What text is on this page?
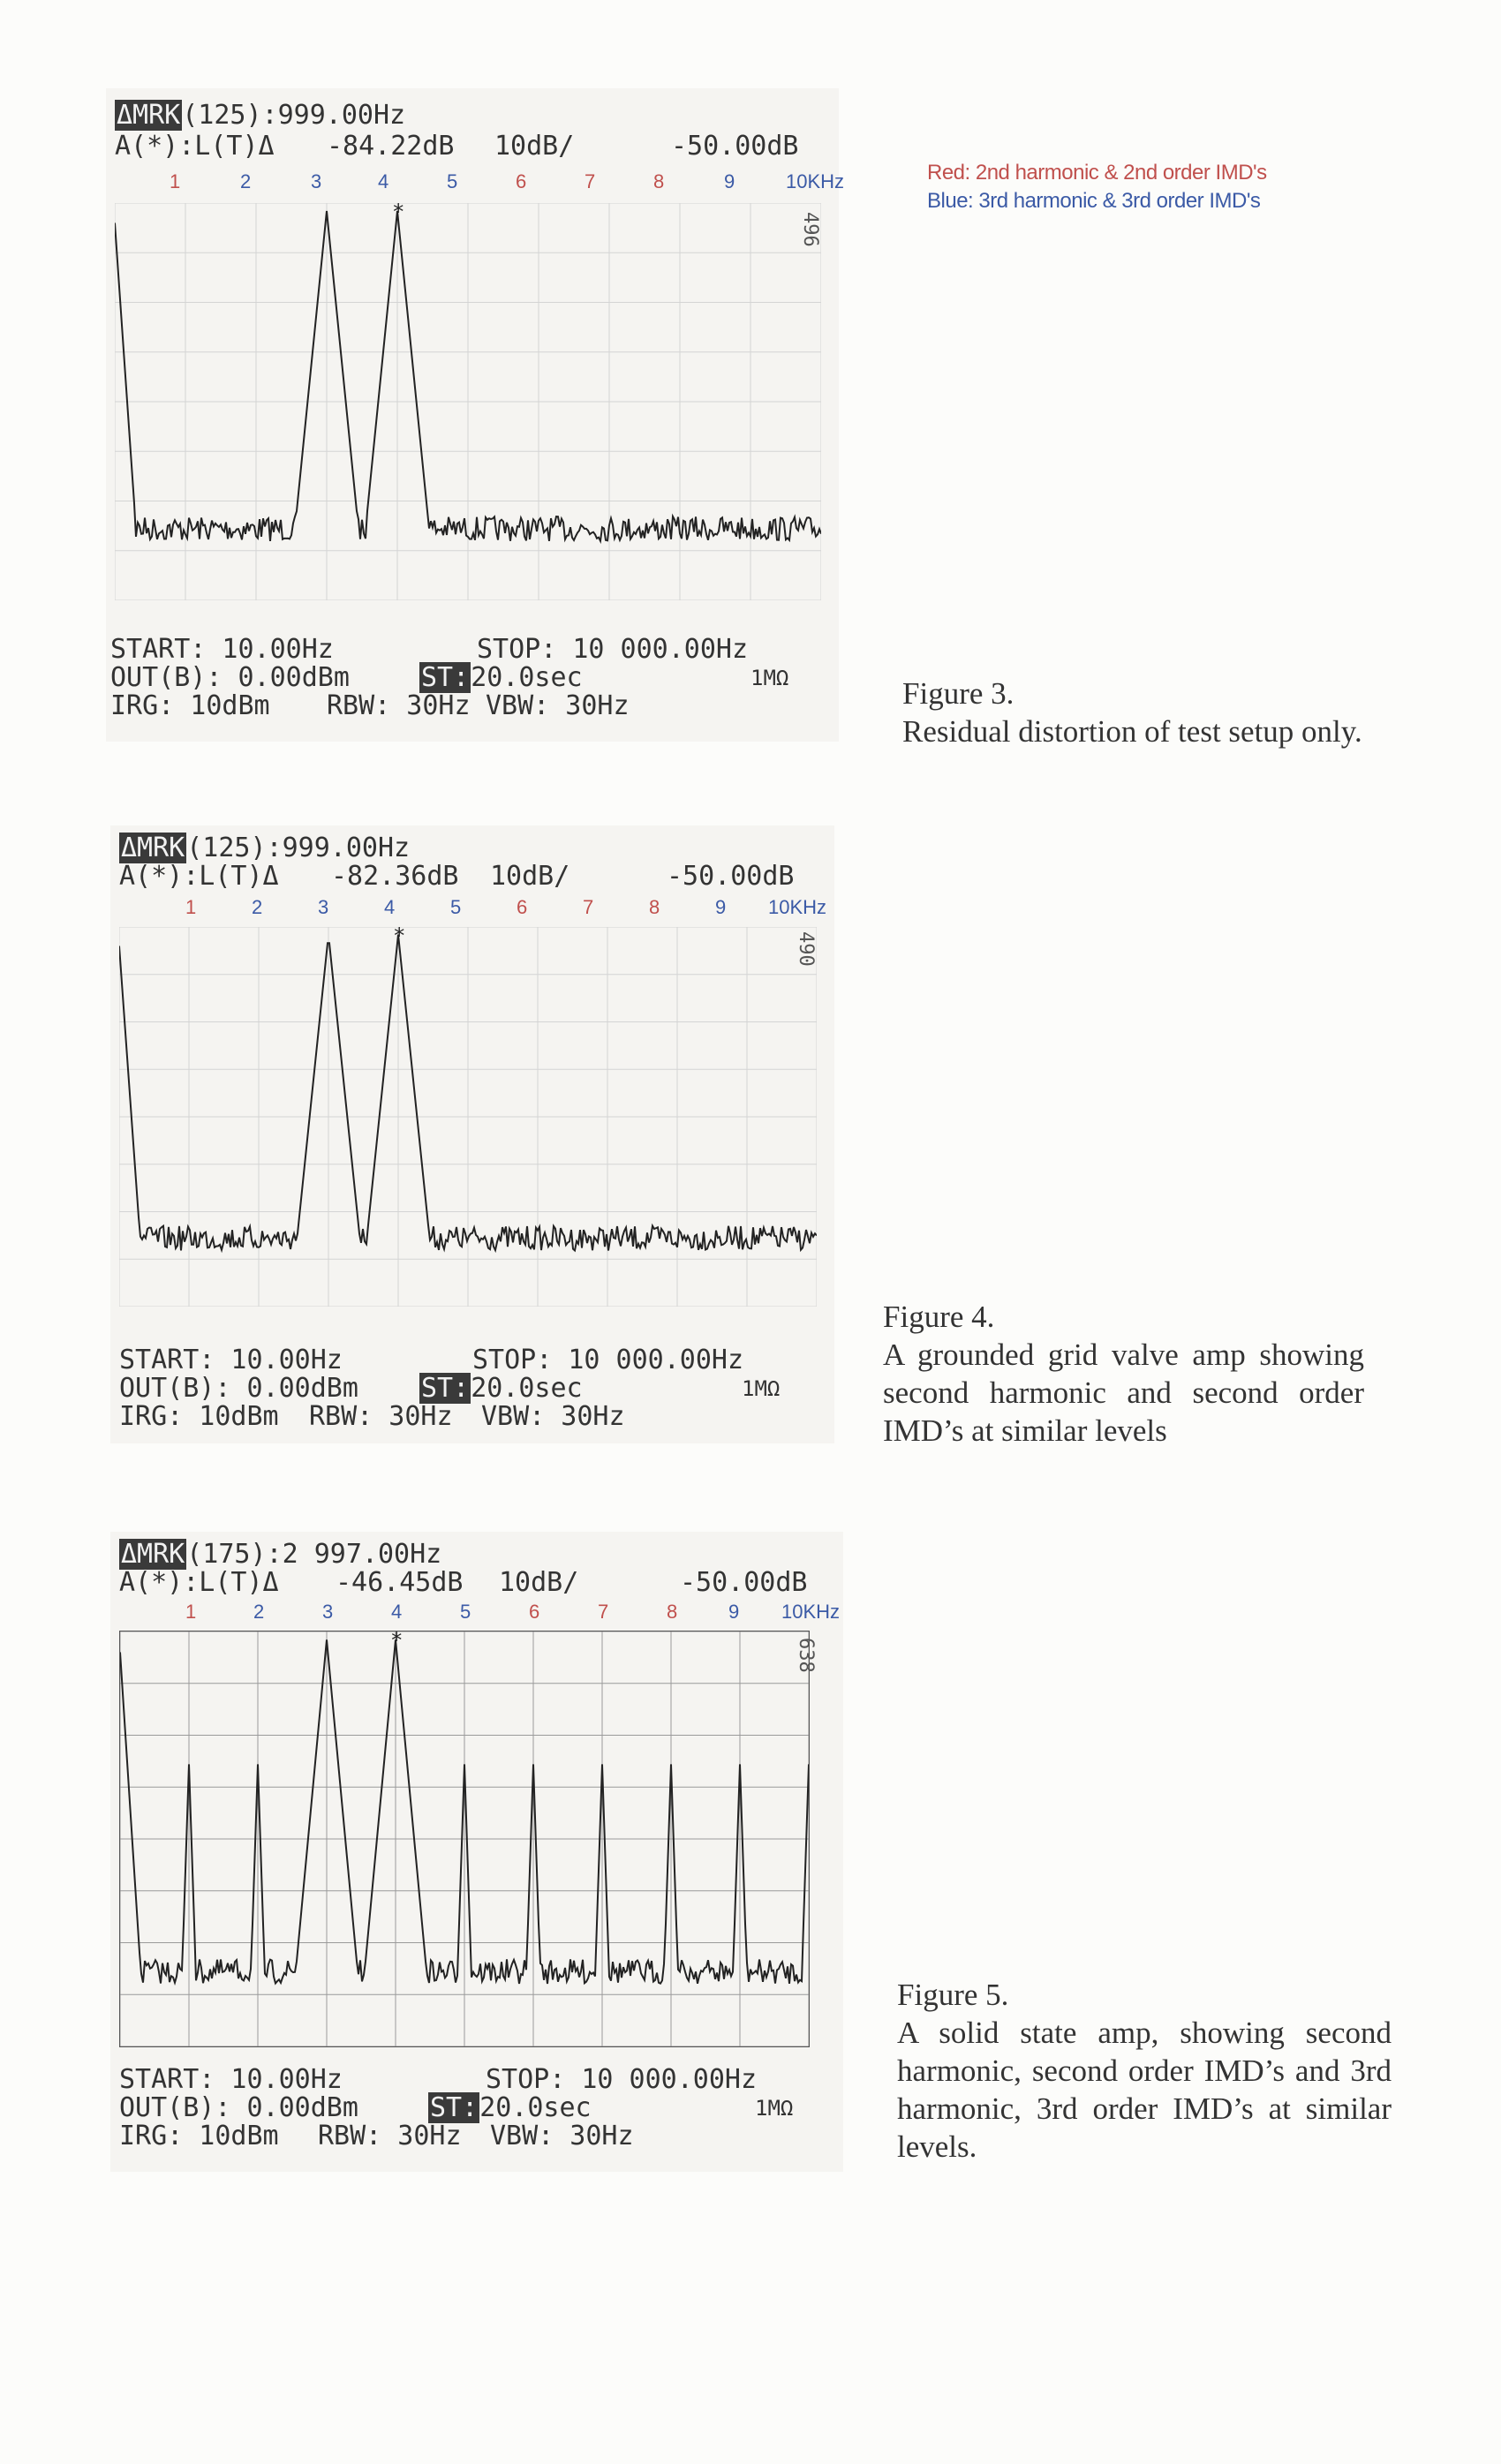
Red: 2nd harmonic & 2nd order IMD's
Blue: 3rd harmonic & 3rd order IMD's
ΔMRK(125):999.00Hz
A(*):L(T)Δ -84.22dB 10dB/	-50.00dB
1	2	3	4	5	6	7	8	9	10KHz
*	496
START: 10.00Hz	STOP: 10 000.00Hz
OUT(B): 0.00dBm	ST:20.0sec	1MΩ
IRG: 10dBm RBW: 30Hz VBW: 30Hz	Figure 3.
Residual distortion of test setup only.
ΔMRK(125):999.00Hz
A(*):L(T)Δ -82.36dB 10dB/	-50.00dB
1	2	3	4	5	6	7	8	9 10KHz
*	490
START: 10.00Hz	STOP: 10 000.00Hz
OUT(B): 0.00dBm ST:20.0sec	1MΩ
IRG: 10dBm RBW: 30Hz VBW: 30Hz
Figure 4.
A grounded grid valve amp showing second harmonic and second order IMD’s at similar levels
ΔMRK(175):2 997.00Hz
A(*):L(T)Δ -46.45dB 10dB/	-50.00dB
1	2	3	4	5	6	7	8	9 10KHz
*	638
START: 10.00Hz	STOP: 10 000.00Hz
OUT(B): 0.00dBm	ST:20.0sec	1MΩ
IRG: 10dBm RBW: 30Hz VBW: 30Hz
Figure 5.
A solid state amp, showing second harmonic, second order IMD’s and 3rd harmonic, 3rd order IMD’s at similar levels.
